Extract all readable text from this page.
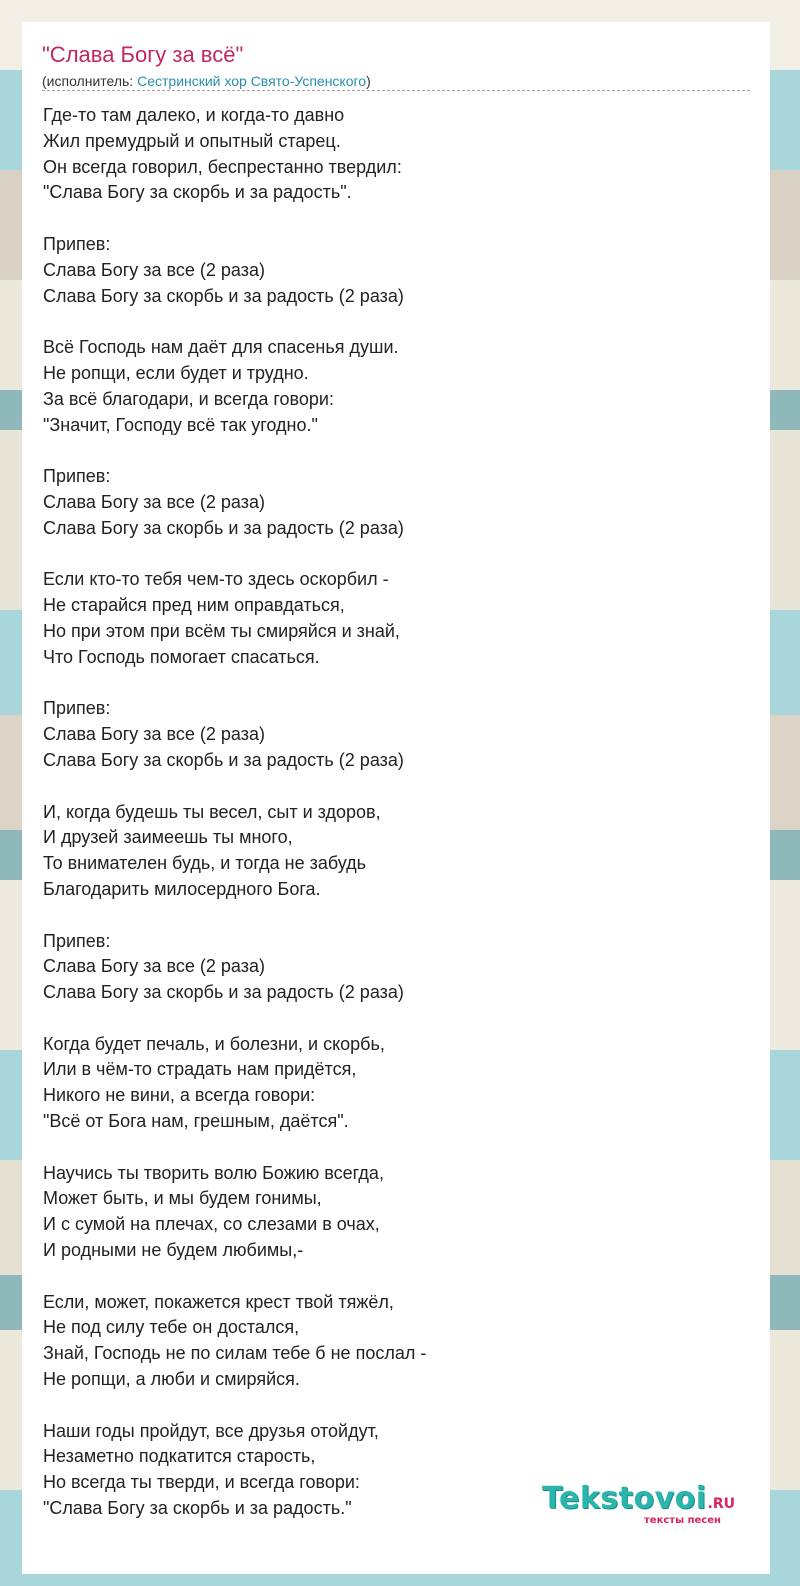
"Слава Богу за всё"
(исполнитель: Сестринский хор Свято-Успенского)
Где-то там далеко, и когда-то давно
Жил премудрый и опытный старец.
Он всегда говорил, беспрестанно твердил:
"Слава Богу за скорбь и за радость".
Припев:
Слава Богу за все (2 раза)
Слава Богу за скорбь и за радость (2 раза)
Всё Господь нам даёт для спасенья души.
Не ропщи, если будет и трудно.
За всё благодари, и всегда говори:
"Значит, Господу всё так угодно."
Припев:
Слава Богу за все (2 раза)
Слава Богу за скорбь и за радость (2 раза)
Если кто-то тебя чем-то здесь оскорбил -
Не старайся пред ним оправдаться,
Но при этом при всём ты смиряйся и знай,
Что Господь помогает спасаться.
Припев:
Слава Богу за все (2 раза)
Слава Богу за скорбь и за радость (2 раза)
И, когда будешь ты весел, сыт и здоров,
И друзей заимеешь ты много,
То внимателен будь, и тогда не забудь
Благодарить милосердного Бога.
Припев:
Слава Богу за все (2 раза)
Слава Богу за скорбь и за радость (2 раза)
Когда будет печаль, и болезни, и скорбь,
Или в чём-то страдать нам придётся,
Никого не вини, а всегда говори:
"Всё от Бога нам, грешным, даётся".
Научись ты творить волю Божию всегда,
Может быть, и мы будем гонимы,
И с сумой на плечах, со слезами в очах,
И родными не будем любимы,-
Если, может, покажется крест твой тяжёл,
Не под силу тебе он достался,
Знай, Господь не по силам тебе б не послал -
Не ропщи, а люби и смиряйся.
Наши годы пройдут, все друзья отойдут,
Незаметно подкатится старость,
Но всегда ты тверди, и всегда говори:
"Слава Богу за скорбь и за радость."	Tekstovoi.RU
тексты песен
